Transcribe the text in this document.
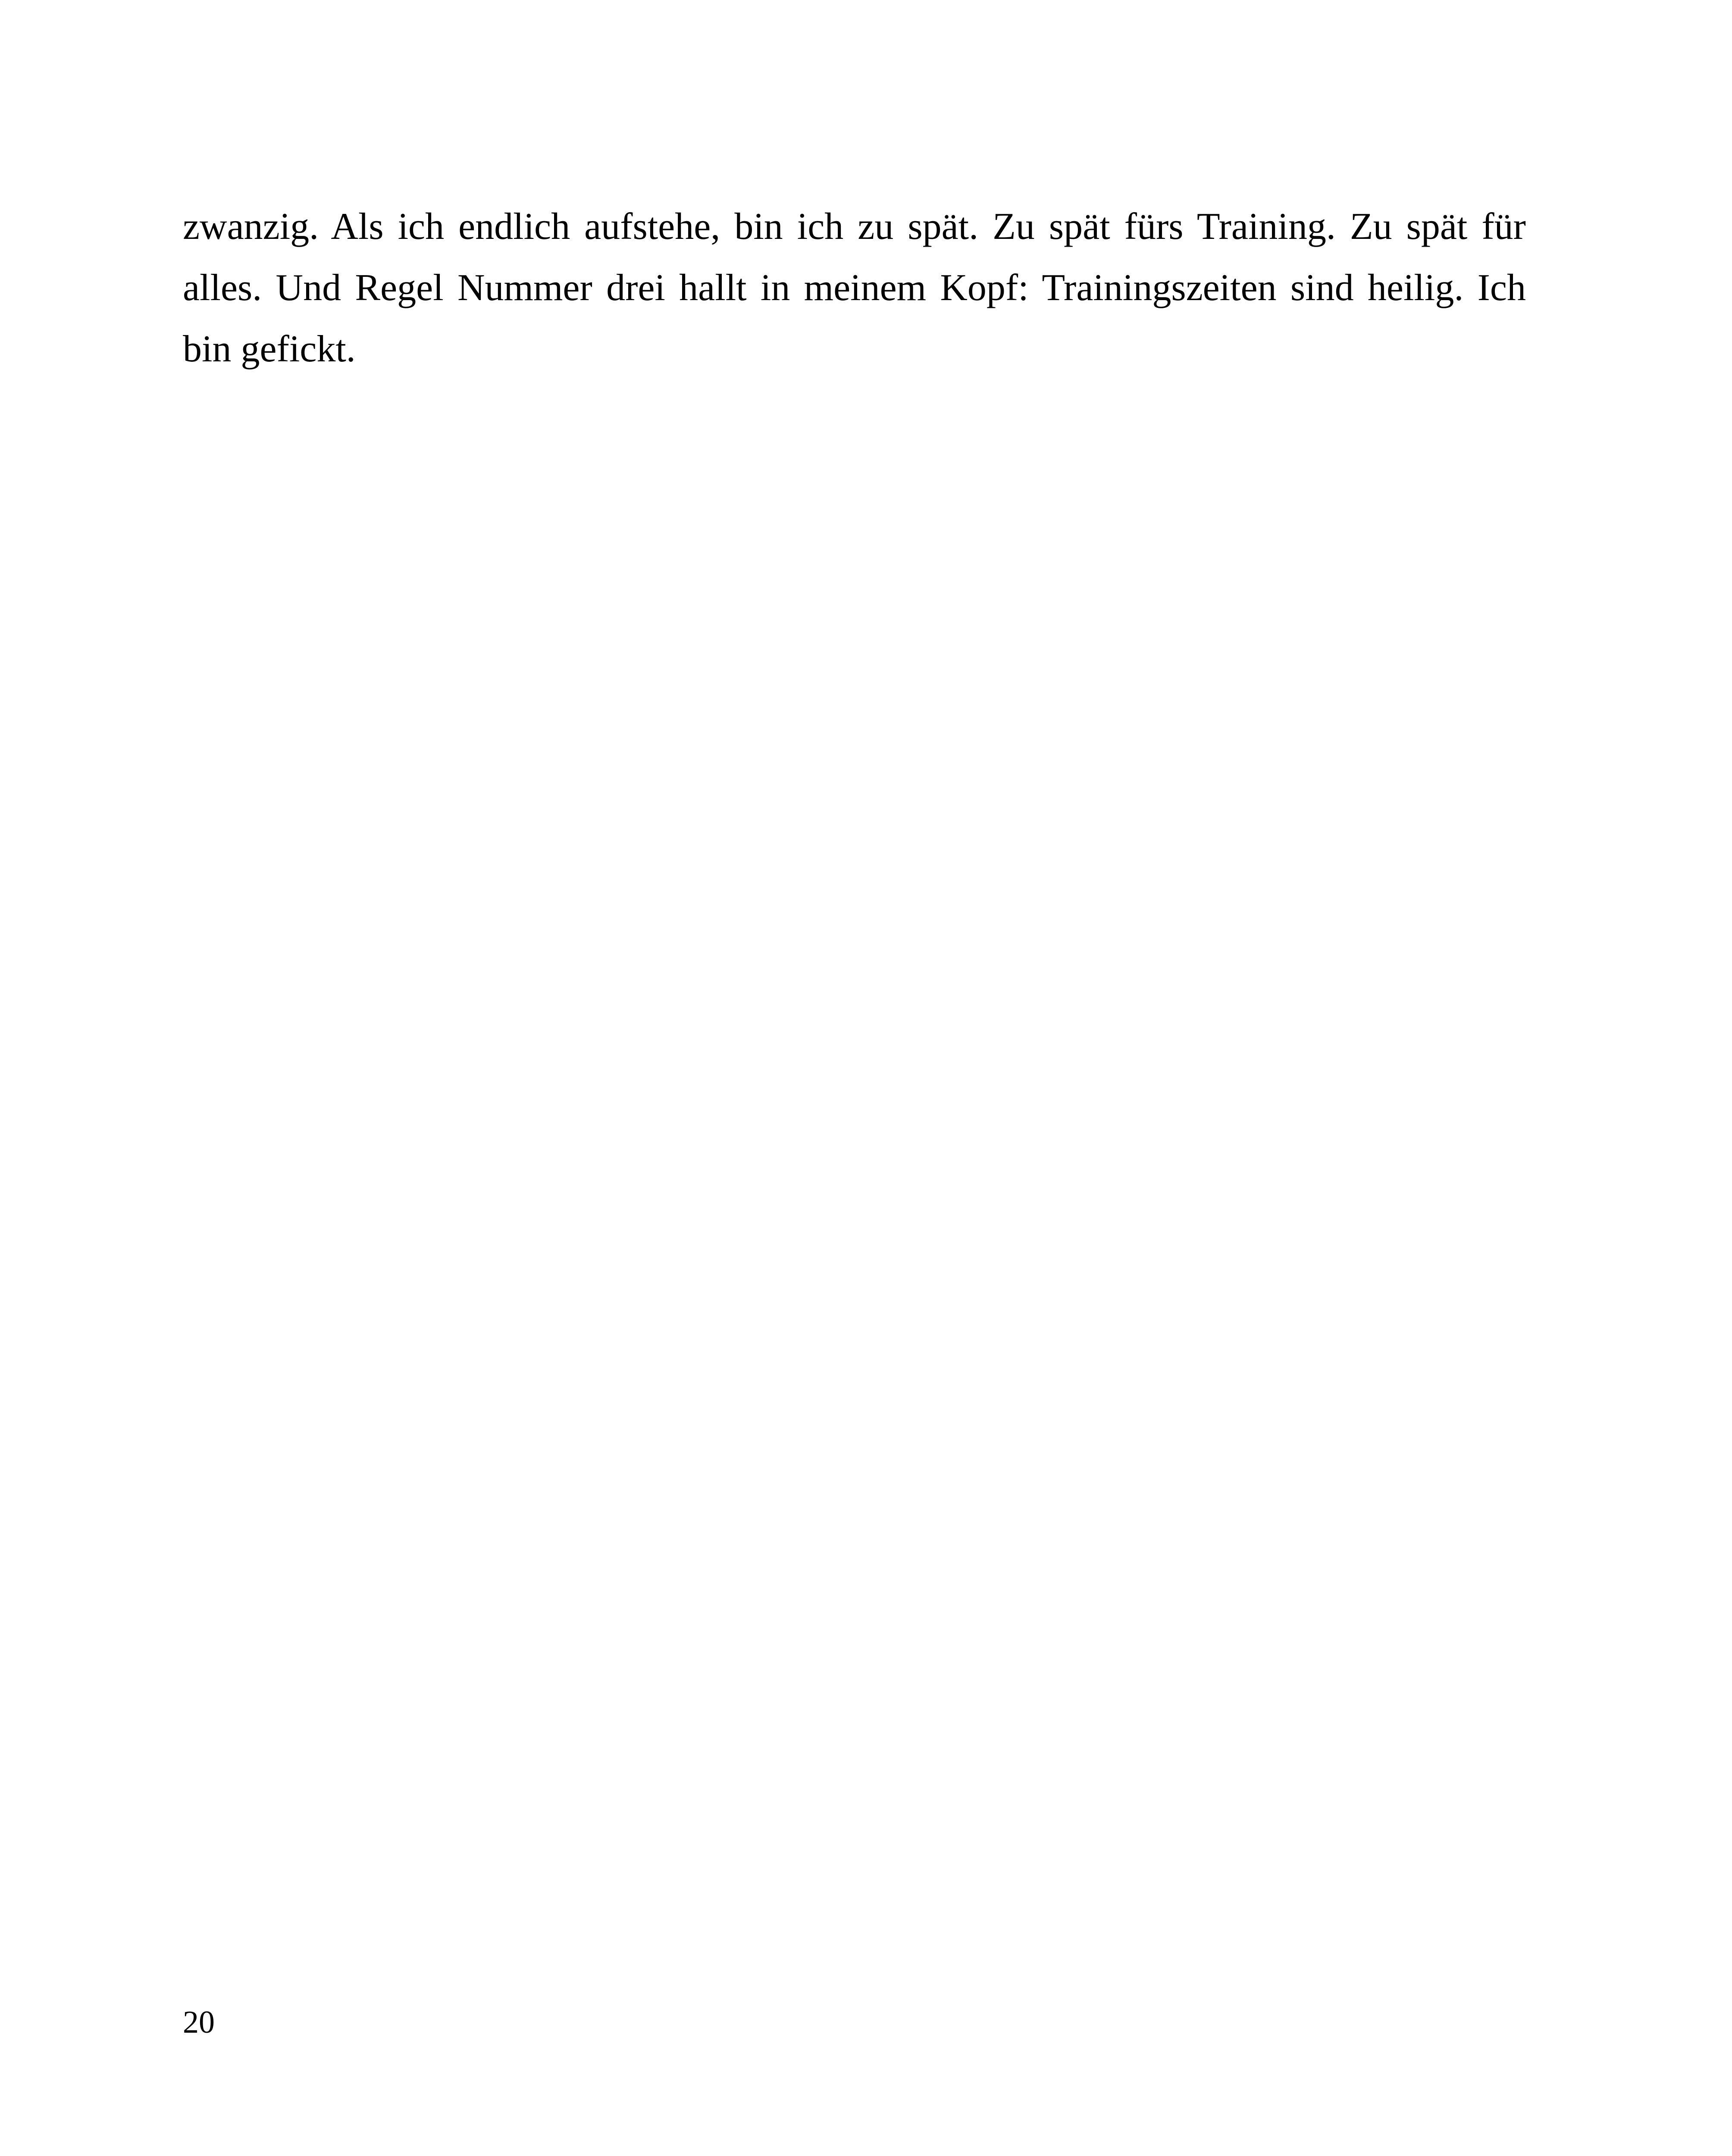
zwanzig. Als ich endlich aufstehe, bin ich zu spät. Zu spät fürs Training. Zu spät für alles. Und Regel Nummer drei hallt in meinem Kopf: Trainingszeiten sind heilig. Ich bin gefickt.

20
